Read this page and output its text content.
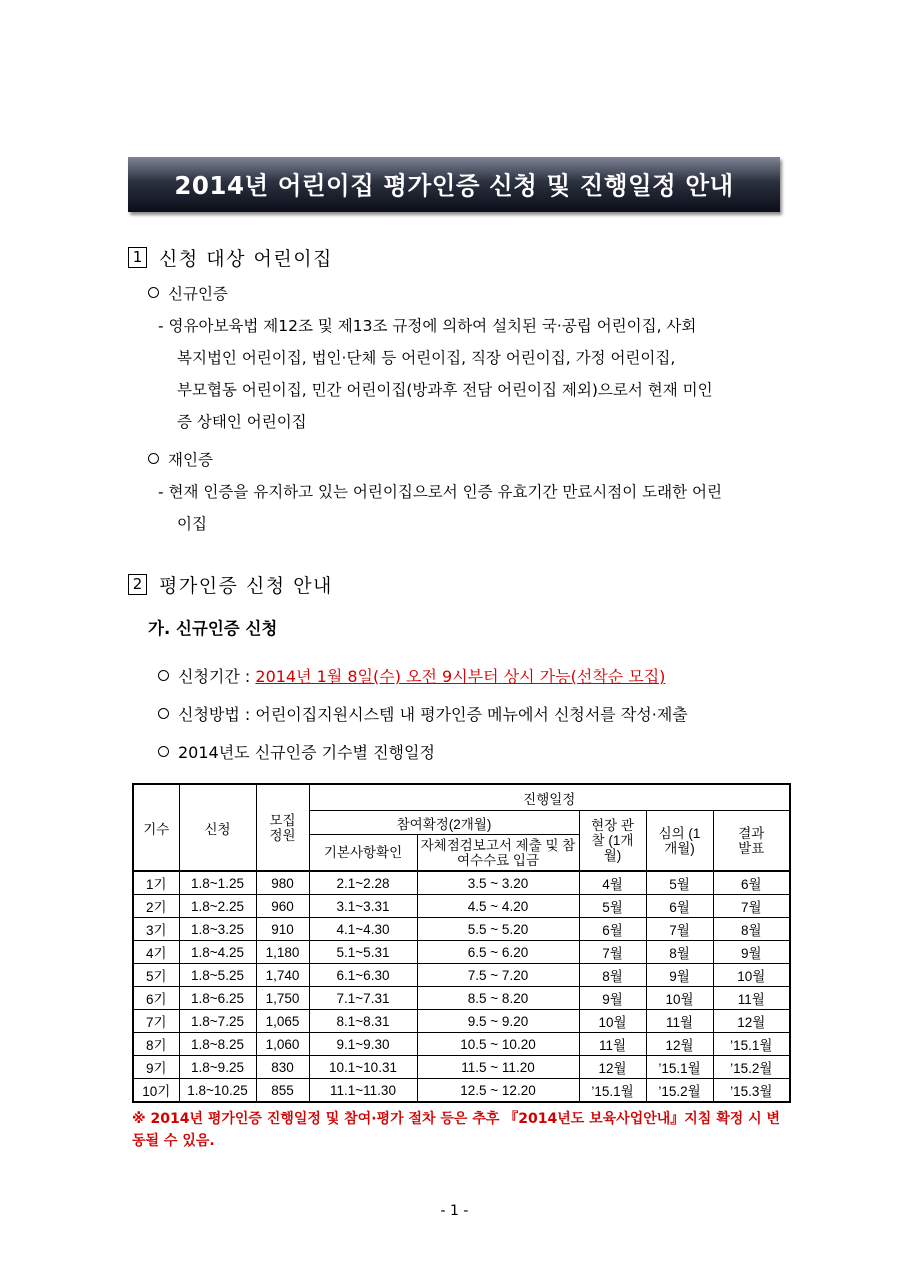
2014년 어린이집 평가인증 신청 및 진행일정 안내
1 신청 대상 어린이집
신규인증
- 영유아보육법 제12조 및 제13조 규정에 의하여 설치된 국·공립 어린이집, 사회
복지법인 어린이집, 법인·단체 등 어린이집, 직장 어린이집, 가정 어린이집,
부모협동 어린이집, 민간 어린이집(방과후 전담 어린이집 제외)으로서 현재 미인
증 상태인 어린이집
재인증
- 현재 인증을 유지하고 있는 어린이집으로서 인증 유효기간 만료시점이 도래한 어린
이집
2 평가인증 신청 안내
가. 신규인증 신청
신청기간 : 2014년 1월 8일(수) 오전 9시부터 상시 가능(선착순 모집)
신청방법 : 어린이집지원시스템 내 평가인증 메뉴에서 신청서를 작성·제출
2014년도 신규인증 기수별 진행일정
기수	신청	모집 정원	진행일정				
			참여확정(2개월)		현장 관찰 (1개월)	심의 (1개월)	결과 발표

			기본사항확인	자체점검보고서 제출 및 참여수수료 입금			

1기	1.8~1.25	980	2.1~2.28	3.5 ~ 3.20	4월	5월	6월
2기	1.8~2.25	960	3.1~3.31	4.5 ~ 4.20	5월	6월	7월
3기	1.8~3.25	910	4.1~4.30	5.5 ~ 5.20	6월	7월	8월
4기	1.8~4.25	1,180	5.1~5.31	6.5 ~ 6.20	7월	8월	9월
5기	1.8~5.25	1,740	6.1~6.30	7.5 ~ 7.20	8월	9월	10월
6기	1.8~6.25	1,750	7.1~7.31	8.5 ~ 8.20	9월	10월	11월
7기	1.8~7.25	1,065	8.1~8.31	9.5 ~ 9.20	10월	11월	12월
8기	1.8~8.25	1,060	9.1~9.30	10.5 ~ 10.20	11월	12월	’15.1월
9기	1.8~9.25	830	10.1~10.31	11.5 ~ 11.20	12월	’15.1월	’15.2월
10기	1.8~10.25	855	11.1~11.30	12.5 ~ 12.20	’15.1월	’15.2월	’15.3월
※ 2014년 평가인증 진행일정 및 참여·평가 절차 등은 추후 『2014년도 보육사업안내』지침 확정 시 변동될 수 있음.
- 1 -
